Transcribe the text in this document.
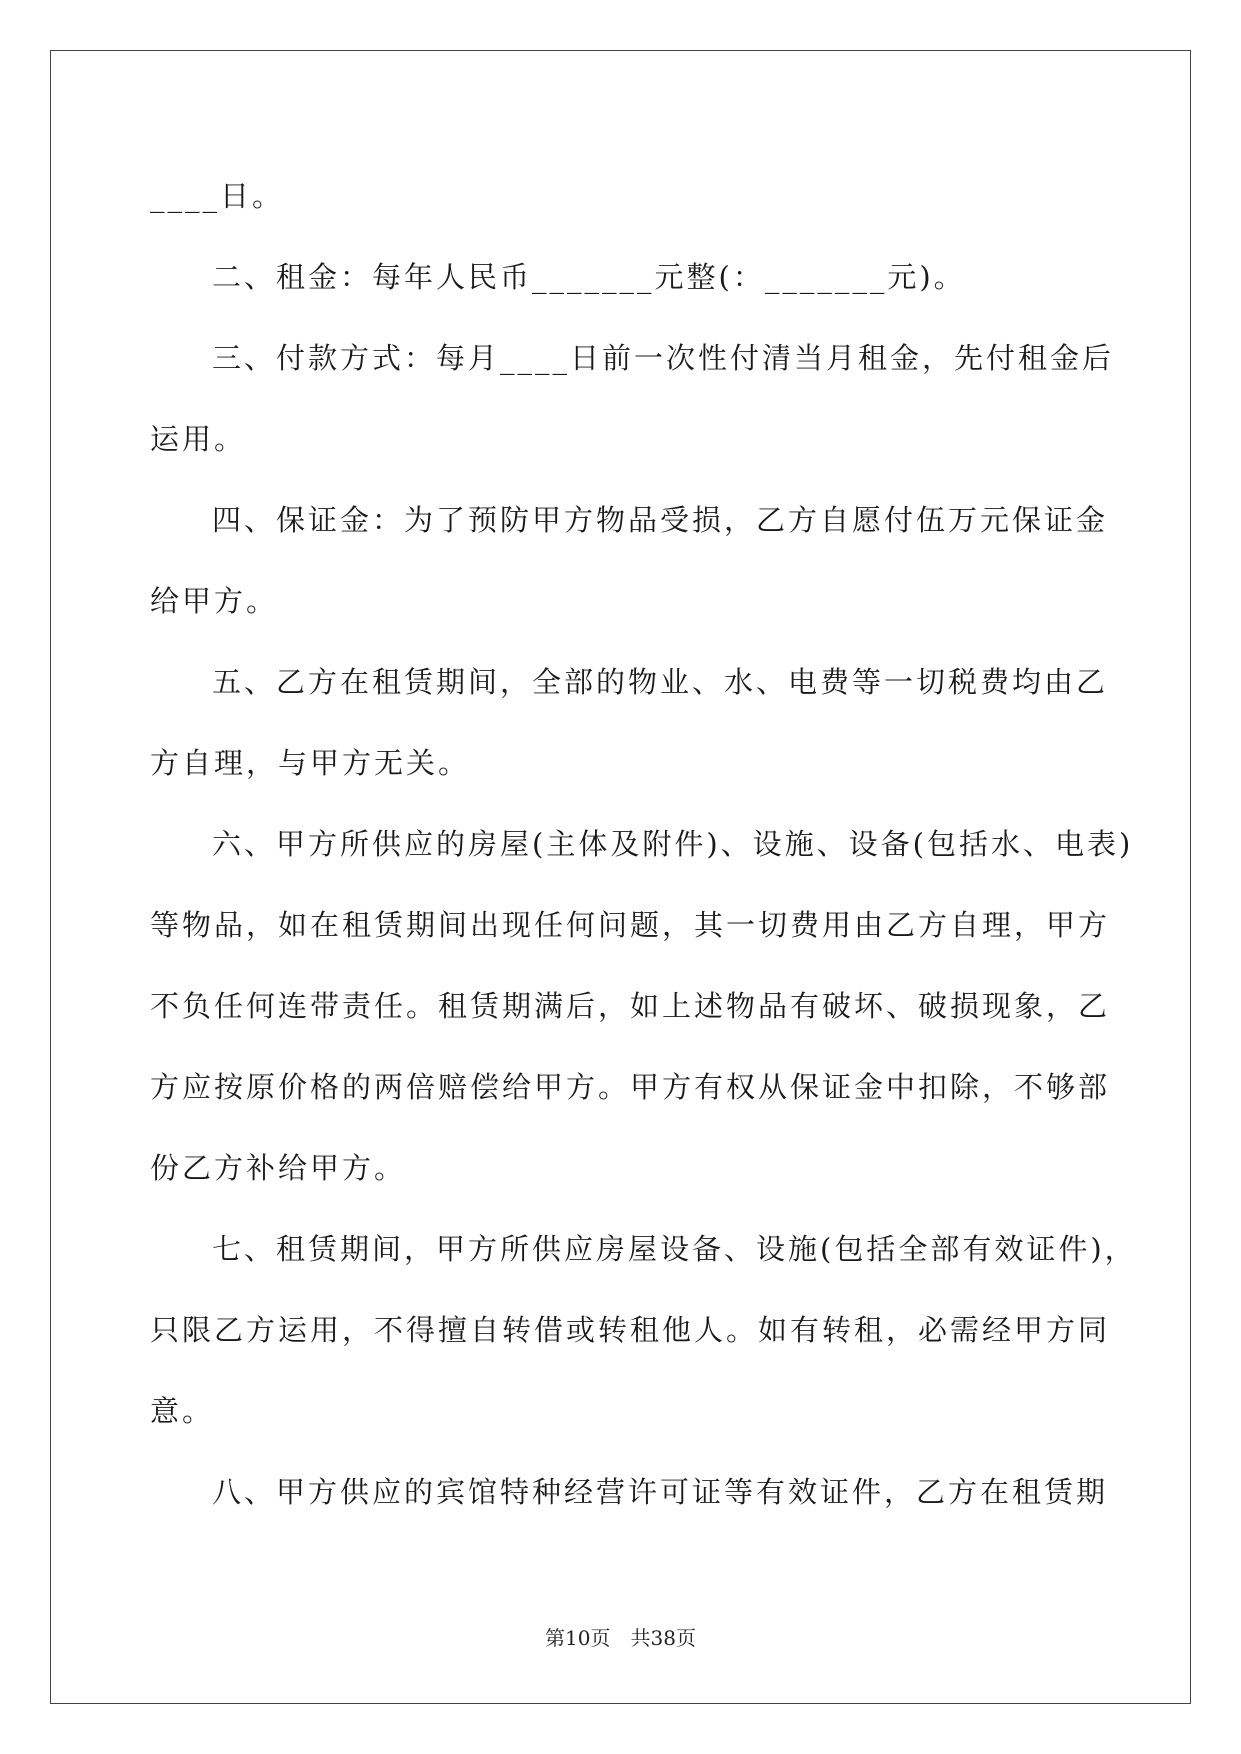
____日。
二、租金：每年人民币_______元整(：_______元)。
三、付款方式：每月____日前一次性付清当月租金，先付租金后
运用。
四、保证金：为了预防甲方物品受损，乙方自愿付伍万元保证金
给甲方。
五、乙方在租赁期间，全部的物业、水、电费等一切税费均由乙
方自理，与甲方无关。
六、甲方所供应的房屋(主体及附件)、设施、设备(包括水、电表)
等物品，如在租赁期间出现任何问题，其一切费用由乙方自理，甲方
不负任何连带责任。租赁期满后，如上述物品有破坏、破损现象，乙
方应按原价格的两倍赔偿给甲方。甲方有权从保证金中扣除，不够部
份乙方补给甲方。
七、租赁期间，甲方所供应房屋设备、设施(包括全部有效证件)，
只限乙方运用，不得擅自转借或转租他人。如有转租，必需经甲方同
意。
八、甲方供应的宾馆特种经营许可证等有效证件，乙方在租赁期
第10页　共38页
